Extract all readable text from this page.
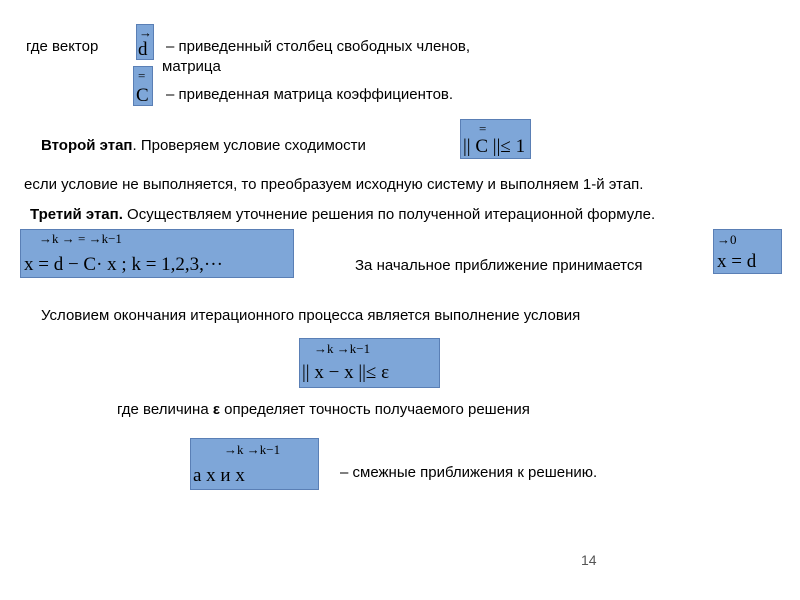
где вектор
→
d – приведенный столбец свободных членов,
матрица
=
C – приведенная матрица коэффициентов.
Второй этап. Проверяем условие сходимости
=
|| C ||≤ 1
если условие не выполняется, то преобразуем исходную систему и выполняем 1-й этап.
Третий этап. Осуществляем уточнение решения по полученной итерационной формуле.
→k → = →k−1
x = d − C· x ; k = 1,2,3,···	За начальное приближение принимается
→0
x = d
Условием окончания итерационного процесса является выполнение условия
→k →k−1
|| x − x ||≤ ε
где величина ε определяет точность получаемого решения
→k →k−1
а x и x	– смежные приближения к решению.
14
